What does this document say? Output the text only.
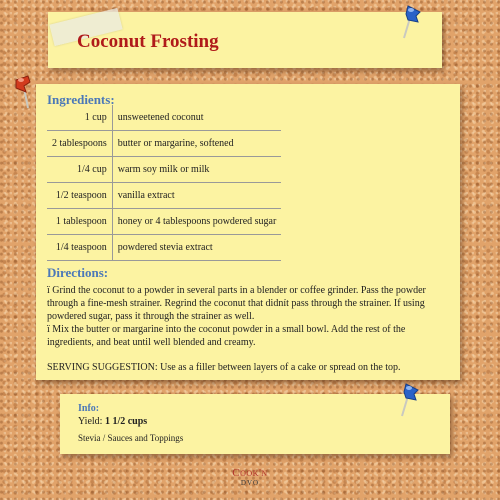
Coconut Frosting
Ingredients:
1 cup	unsweetened coconut
2 tablespoons	butter or margarine, softened
1/4 cup	warm soy milk or milk
1/2 teaspoon	vanilla extract
1 tablespoon	honey or 4 tablespoons powdered sugar
1/4 teaspoon	powdered stevia extract
Directions:

ï Grind the coconut to a powder in several parts in a blender or coffee grinder. Pass the powder through a fine-mesh strainer. Regrind the coconut that didnít pass through the strainer. If using powdered sugar, pass it through the strainer as well.

ï Mix the butter or margarine into the coconut powder in a small bowl. Add the rest of the ingredients, and beat until well blended and creamy.

SERVING SUGGESTION: Use as a filler between layers of a cake or spread on the top.

Info:
Yield: 1 1/2 cups
Stevia / Sauces and Toppings
Cook'n
DVO
